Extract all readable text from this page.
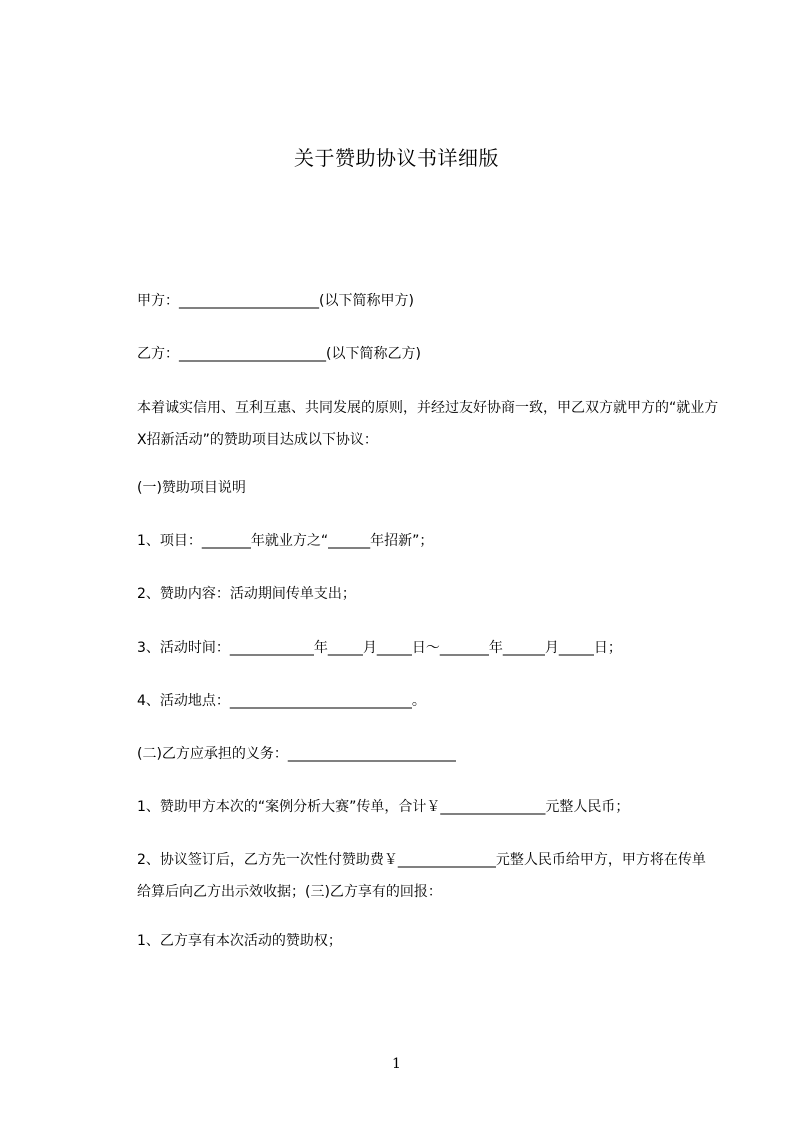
关于赞助协议书详细版
甲方：____________________(以下简称甲方)
乙方：_____________________(以下简称乙方)
本着诚实信用、互利互惠、共同发展的原则，并经过友好协商一致，甲乙双方就甲方的“就业方X招新活动”的赞助项目达成以下协议：
(一)赞助项目说明
1、项目：_______年就业方之“______年招新”；
2、赞助内容：活动期间传单支出；
3、活动时间：____________年_____月_____日～_______年______月_____日；
4、活动地点：__________________________。
(二)乙方应承担的义务：________________________
1、赞助甲方本次的“案例分析大赛”传单，合计￥_______________元整人民币；
2、协议签订后，乙方先一次性付赞助费￥______________元整人民币给甲方，甲方将在传单给算后向乙方出示效收据；(三)乙方享有的回报：
1、乙方享有本次活动的赞助权；
1
